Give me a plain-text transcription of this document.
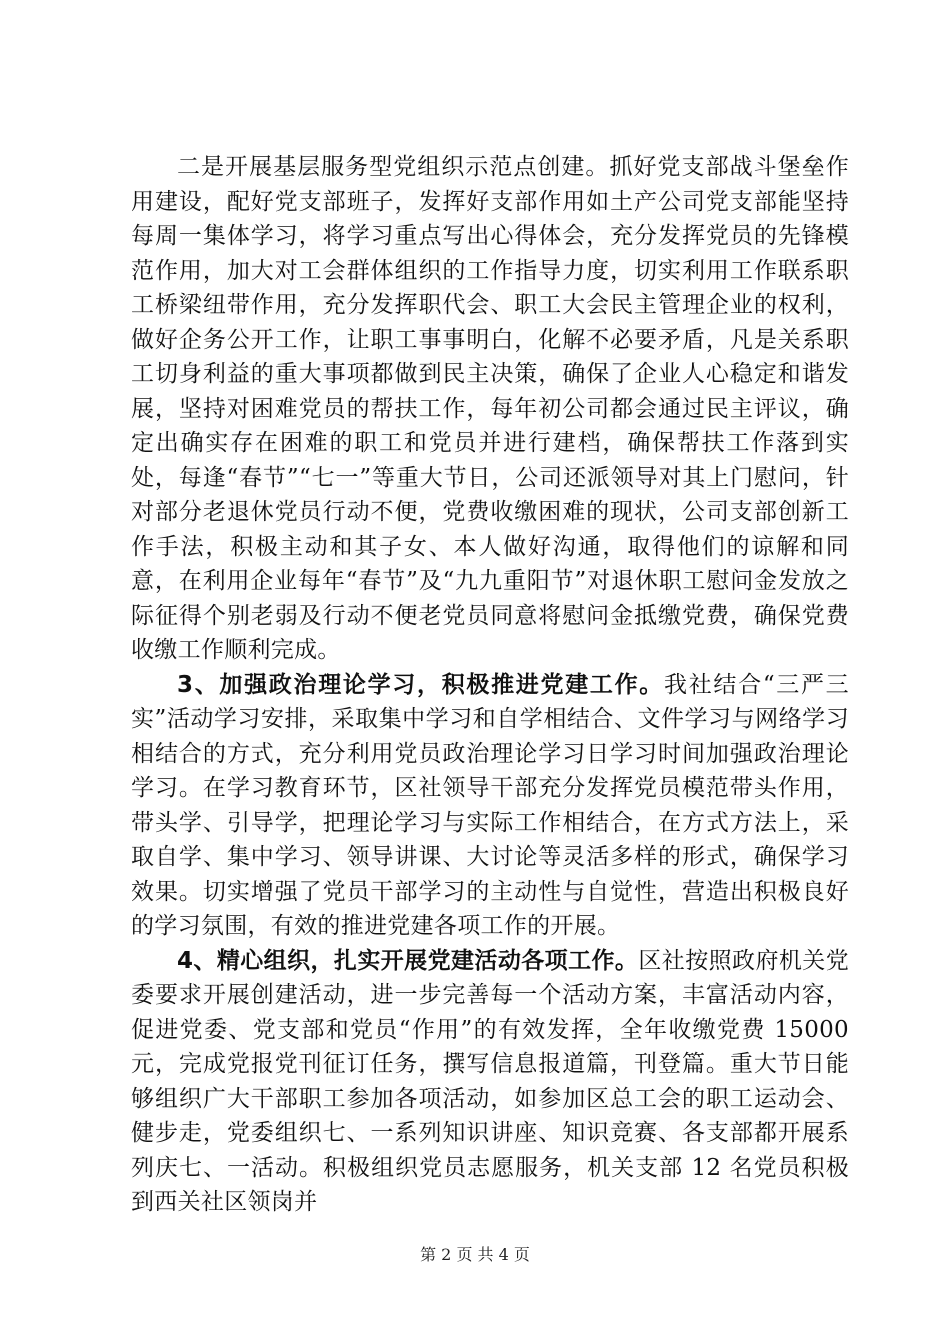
二是开展基层服务型党组织示范点创建。抓好党支部战斗堡垒作用建设，配好党支部班子，发挥好支部作用如土产公司党支部能坚持每周一集体学习，将学习重点写出心得体会，充分发挥党员的先锋模范作用，加大对工会群体组织的工作指导力度，切实利用工作联系职工桥梁纽带作用，充分发挥职代会、职工大会民主管理企业的权利，做好企务公开工作，让职工事事明白，化解不必要矛盾，凡是关系职工切身利益的重大事项都做到民主决策，确保了企业人心稳定和谐发展，坚持对困难党员的帮扶工作，每年初公司都会通过民主评议，确定出确实存在困难的职工和党员并进行建档，确保帮扶工作落到实处，每逢“春节”“七一”等重大节日，公司还派领导对其上门慰问，针对部分老退休党员行动不便，党费收缴困难的现状，公司支部创新工作手法，积极主动和其子女、本人做好沟通，取得他们的谅解和同意，在利用企业每年“春节”及“九九重阳节”对退休职工慰问金发放之际征得个别老弱及行动不便老党员同意将慰问金抵缴党费，确保党费收缴工作顺利完成。

3、加强政治理论学习，积极推进党建工作。我社结合“三严三实”活动学习安排，采取集中学习和自学相结合、文件学习与网络学习相结合的方式，充分利用党员政治理论学习日学习时间加强政治理论学习。在学习教育环节，区社领导干部充分发挥党员模范带头作用，带头学、引导学，把理论学习与实际工作相结合，在方式方法上，采取自学、集中学习、领导讲课、大讨论等灵活多样的形式，确保学习效果。切实增强了党员干部学习的主动性与自觉性，营造出积极良好的学习氛围，有效的推进党建各项工作的开展。

4、精心组织，扎实开展党建活动各项工作。区社按照政府机关党委要求开展创建活动，进一步完善每一个活动方案，丰富活动内容，促进党委、党支部和党员“作用”的有效发挥，全年收缴党费 15000 元，完成党报党刊征订任务，撰写信息报道篇，刊登篇。重大节日能够组织广大干部职工参加各项活动，如参加区总工会的职工运动会、健步走，党委组织七、一系列知识讲座、知识竞赛、各支部都开展系列庆七、一活动。积极组织党员志愿服务，机关支部 12 名党员积极到西关社区领岗并

第 2 页 共 4 页
